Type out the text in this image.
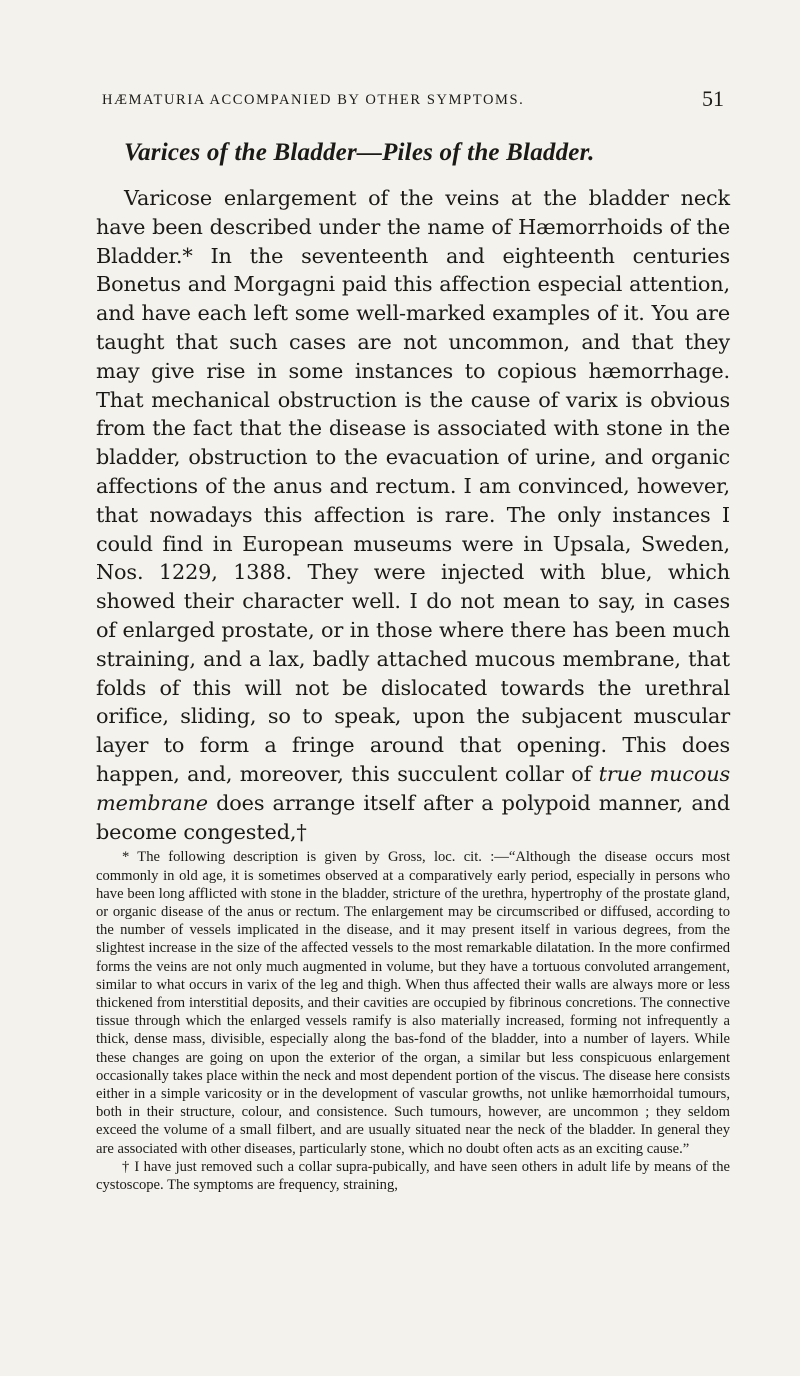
HÆMATURIA ACCOMPANIED BY OTHER SYMPTOMS.	51
Varices of the Bladder—Piles of the Bladder.

Varicose enlargement of the veins at the bladder neck have been described under the name of Hæmorrhoids of the Bladder.* In the seventeenth and eighteenth centuries Bonetus and Morgagni paid this affection especial attention, and have each left some well-marked examples of it. You are taught that such cases are not uncommon, and that they may give rise in some instances to copious hæmorrhage. That mechanical obstruction is the cause of varix is obvious from the fact that the disease is associated with stone in the bladder, obstruction to the evacuation of urine, and organic affections of the anus and rectum. I am convinced, however, that nowadays this affection is rare. The only instances I could find in European museums were in Upsala, Sweden, Nos. 1229, 1388. They were injected with blue, which showed their character well. I do not mean to say, in cases of enlarged prostate, or in those where there has been much straining, and a lax, badly attached mucous membrane, that folds of this will not be dislocated towards the urethral orifice, sliding, so to speak, upon the subjacent muscular layer to form a fringe around that opening. This does happen, and, moreover, this succulent collar of true mucous membrane does arrange itself after a polypoid manner, and become congested,†

* The following description is given by Gross, loc. cit. :—“Although the disease occurs most commonly in old age, it is sometimes observed at a comparatively early period, especially in persons who have been long afflicted with stone in the bladder, stricture of the urethra, hypertrophy of the prostate gland, or organic disease of the anus or rectum. The enlargement may be circumscribed or diffused, according to the number of vessels implicated in the disease, and it may present itself in various degrees, from the slightest increase in the size of the affected vessels to the most remarkable dilatation. In the more confirmed forms the veins are not only much augmented in volume, but they have a tortuous convoluted arrangement, similar to what occurs in varix of the leg and thigh. When thus affected their walls are always more or less thickened from interstitial deposits, and their cavities are occupied by fibrinous concretions. The connective tissue through which the enlarged vessels ramify is also materially increased, forming not infrequently a thick, dense mass, divisible, especially along the bas-fond of the bladder, into a number of layers. While these changes are going on upon the exterior of the organ, a similar but less conspicuous enlargement occasionally takes place within the neck and most dependent portion of the viscus. The disease here consists either in a simple varicosity or in the development of vascular growths, not unlike hæmorrhoidal tumours, both in their structure, colour, and consistence. Such tumours, however, are uncommon ; they seldom exceed the volume of a small filbert, and are usually situated near the neck of the bladder. In general they are associated with other diseases, particularly stone, which no doubt often acts as an exciting cause.”

† I have just removed such a collar supra-pubically, and have seen others in adult life by means of the cystoscope. The symptoms are frequency, straining,
